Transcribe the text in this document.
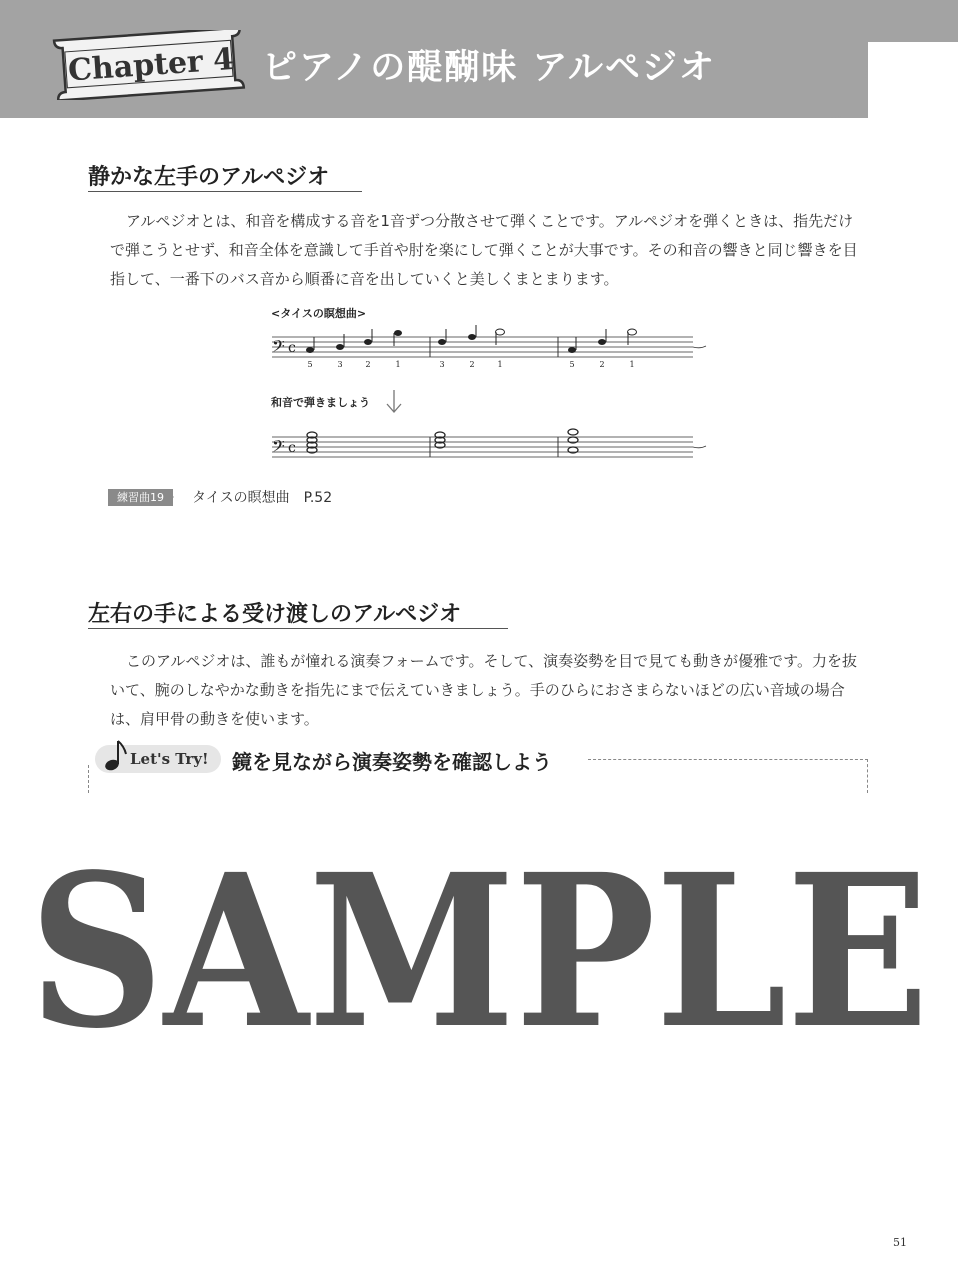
Chapter 4 ピアノの醍醐味 アルペジオ
静かな左手のアルペジオ

アルペジオとは、和音を構成する音を1音ずつ分散させて弾くことです。アルペジオを弾くときは、指先だけ

で弾こうとせず、和音全体を意識して手首や肘を楽にして弾くことが大事です。その和音の響きと同じ響きを目

指して、一番下のバス音から順番に音を出していくと美しくまとまります。

<タイスの瞑想曲>
𝄢 c
5	3	2	1	3	2	1	5	2	1
和音で弾きましょう
𝄢 c
練習曲19	タイスの瞑想曲　P.52
左右の手による受け渡しのアルペジオ

このアルペジオは、誰もが憧れる演奏フォームです。そして、演奏姿勢を目で見ても動きが優雅です。力を抜

いて、腕のしなやかな動きを指先にまで伝えていきましょう。手のひらにおさまらないほどの広い音域の場合

は、肩甲骨の動きを使います。

Let's Try! 鏡を見ながら演奏姿勢を確認しよう
SAMPLE
51
